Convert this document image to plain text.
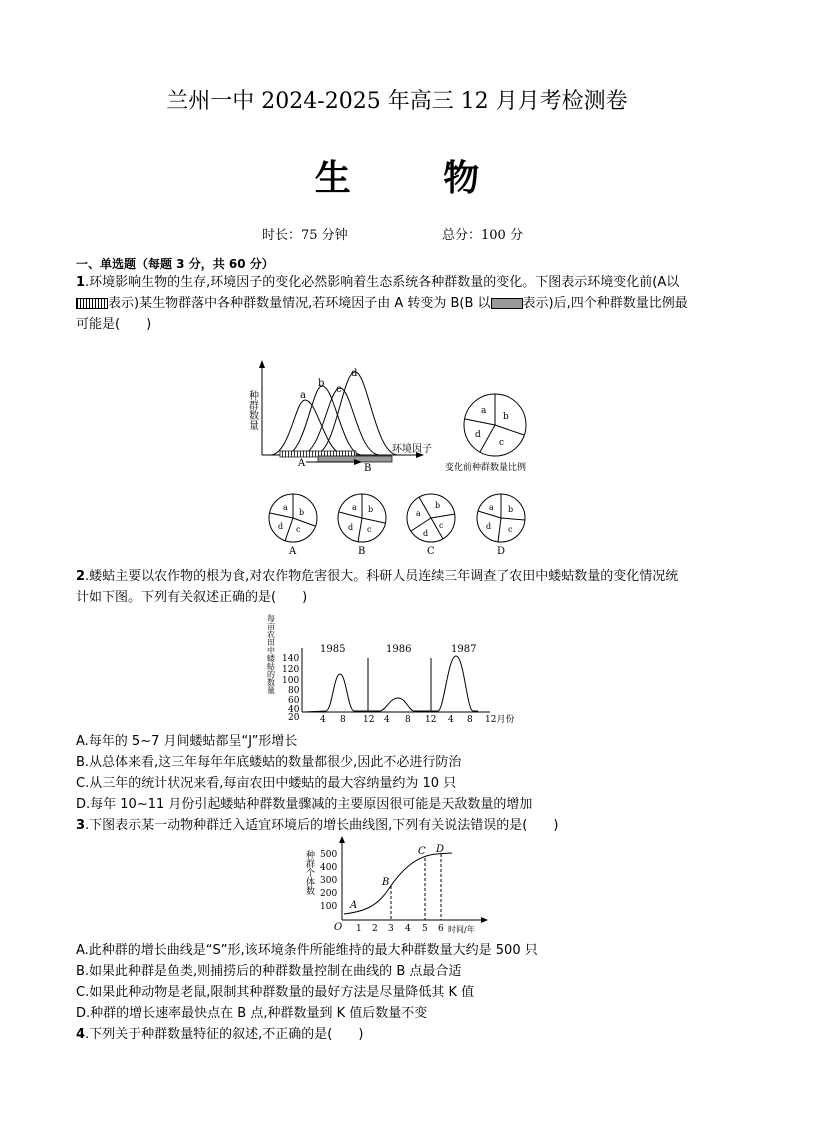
兰州一中 2024-2025 年高三 12 月月考检测卷
生 物
时长：75 分钟	总分：100 分
一、单选题（每题 3 分，共 60 分）
1.环境影响生物的生存,环境因子的变化必然影响着生态系统各种群数量的变化。下图表示环境变化前(A以
表示)某生物群落中各种群数量情况,若环境因子由 A 转变为 B(B 以 表示)后,四个种群数量比例最
可能是(　　)
种群数量	a
b
c
d
A	B
环境因子
a
b
c
d
变化前种群数量比例
a
b
c
d
a b
c
d
a
b
c
d
a b
c
d
A	B	C	D
2.蝼蛄主要以农作物的根为食,对农作物危害很大。科研人员连续三年调查了农田中蝼蛄数量的变化情况统
计如下图。下列有关叙述正确的是(　　)
每亩农田中蝼蛄的数量 140
120
100
80
60
40
20
1985	1986	1987
4 8 12 4 8 12 4 8 12月份
A.每年的 5~7 月间蝼蛄都呈“J”形增长
B.从总体来看,这三年每年年底蝼蛄的数量都很少,因此不必进行防治
C.从三年的统计状况来看,每亩农田中蝼蛄的最大容纳量约为 10 只
D.每年 10~11 月份引起蝼蛄种群数量骤减的主要原因很可能是天敌数量的增加
3.下图表示某一动物种群迁入适宜环境后的增长曲线图,下列有关说法错误的是(　　)
种群个体数 500
400
300
200
100 A
B
C D
O 1 2 3 4 5 6 时间/年
A.此种群的增长曲线是“S”形,该环境条件所能维持的最大种群数量大约是 500 只
B.如果此种群是鱼类,则捕捞后的种群数量控制在曲线的 B 点最合适
C.如果此种动物是老鼠,限制其种群数量的最好方法是尽量降低其 K 值
D.种群的增长速率最快点在 B 点,种群数量到 K 值后数量不变
4.下列关于种群数量特征的叙述,不正确的是(　　)
